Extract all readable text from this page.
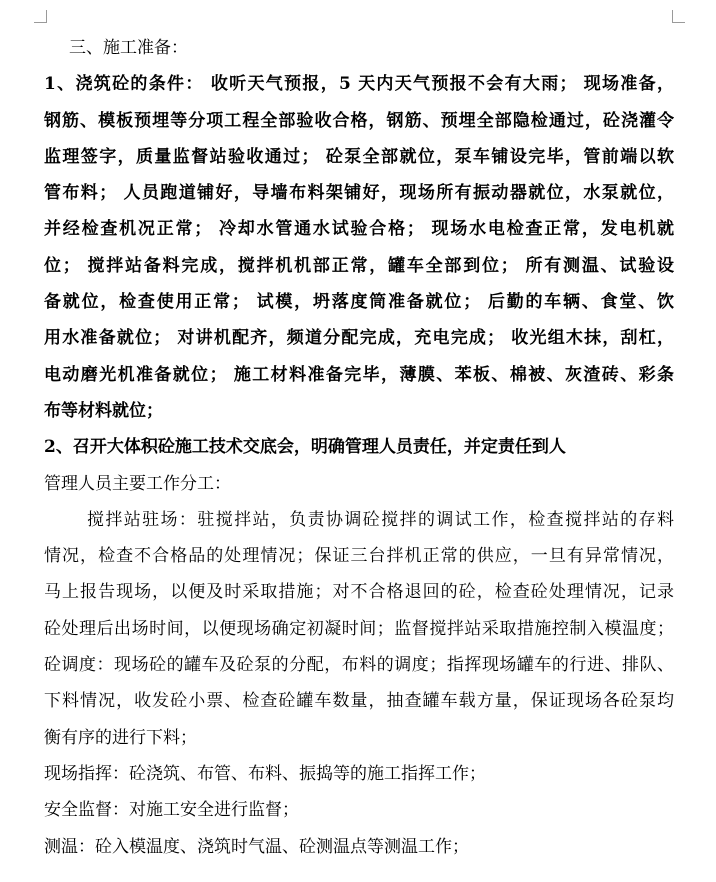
三、施工准备：
1、浇筑砼的条件： 收听天气预报，5 天内天气预报不会有大雨； 现场准备，
钢筋、模板预埋等分项工程全部验收合格，钢筋、预埋全部隐检通过，砼浇灌令
监理签字，质量监督站验收通过； 砼泵全部就位，泵车铺设完毕，管前端以软
管布料； 人员跑道铺好，导墙布料架铺好，现场所有振动器就位，水泵就位，
并经检查机况正常； 冷却水管通水试验合格； 现场水电检查正常，发电机就
位； 搅拌站备料完成，搅拌机机部正常，罐车全部到位； 所有测温、试验设
备就位，检查使用正常； 试模，坍落度筒准备就位； 后勤的车辆、食堂、饮
用水准备就位； 对讲机配齐，频道分配完成，充电完成； 收光组木抹，刮杠，
电动磨光机准备就位； 施工材料准备完毕，薄膜、苯板、棉被、灰渣砖、彩条
布等材料就位；
2、召开大体积砼施工技术交底会，明确管理人员责任，并定责任到人
管理人员主要工作分工：
搅拌站驻场：驻搅拌站，负责协调砼搅拌的调试工作，检查搅拌站的存料
情况，检查不合格品的处理情况；保证三台拌机正常的供应，一旦有异常情况，
马上报告现场，以便及时采取措施；对不合格退回的砼，检查砼处理情况，记录
砼处理后出场时间，以便现场确定初凝时间；监督搅拌站采取措施控制入模温度；
砼调度：现场砼的罐车及砼泵的分配，布料的调度；指挥现场罐车的行进、排队、
下料情况，收发砼小票、检查砼罐车数量，抽查罐车载方量，保证现场各砼泵均
衡有序的进行下料；
现场指挥：砼浇筑、布管、布料、振捣等的施工指挥工作；
安全监督：对施工安全进行监督；
测温：砼入模温度、浇筑时气温、砼测温点等测温工作；
